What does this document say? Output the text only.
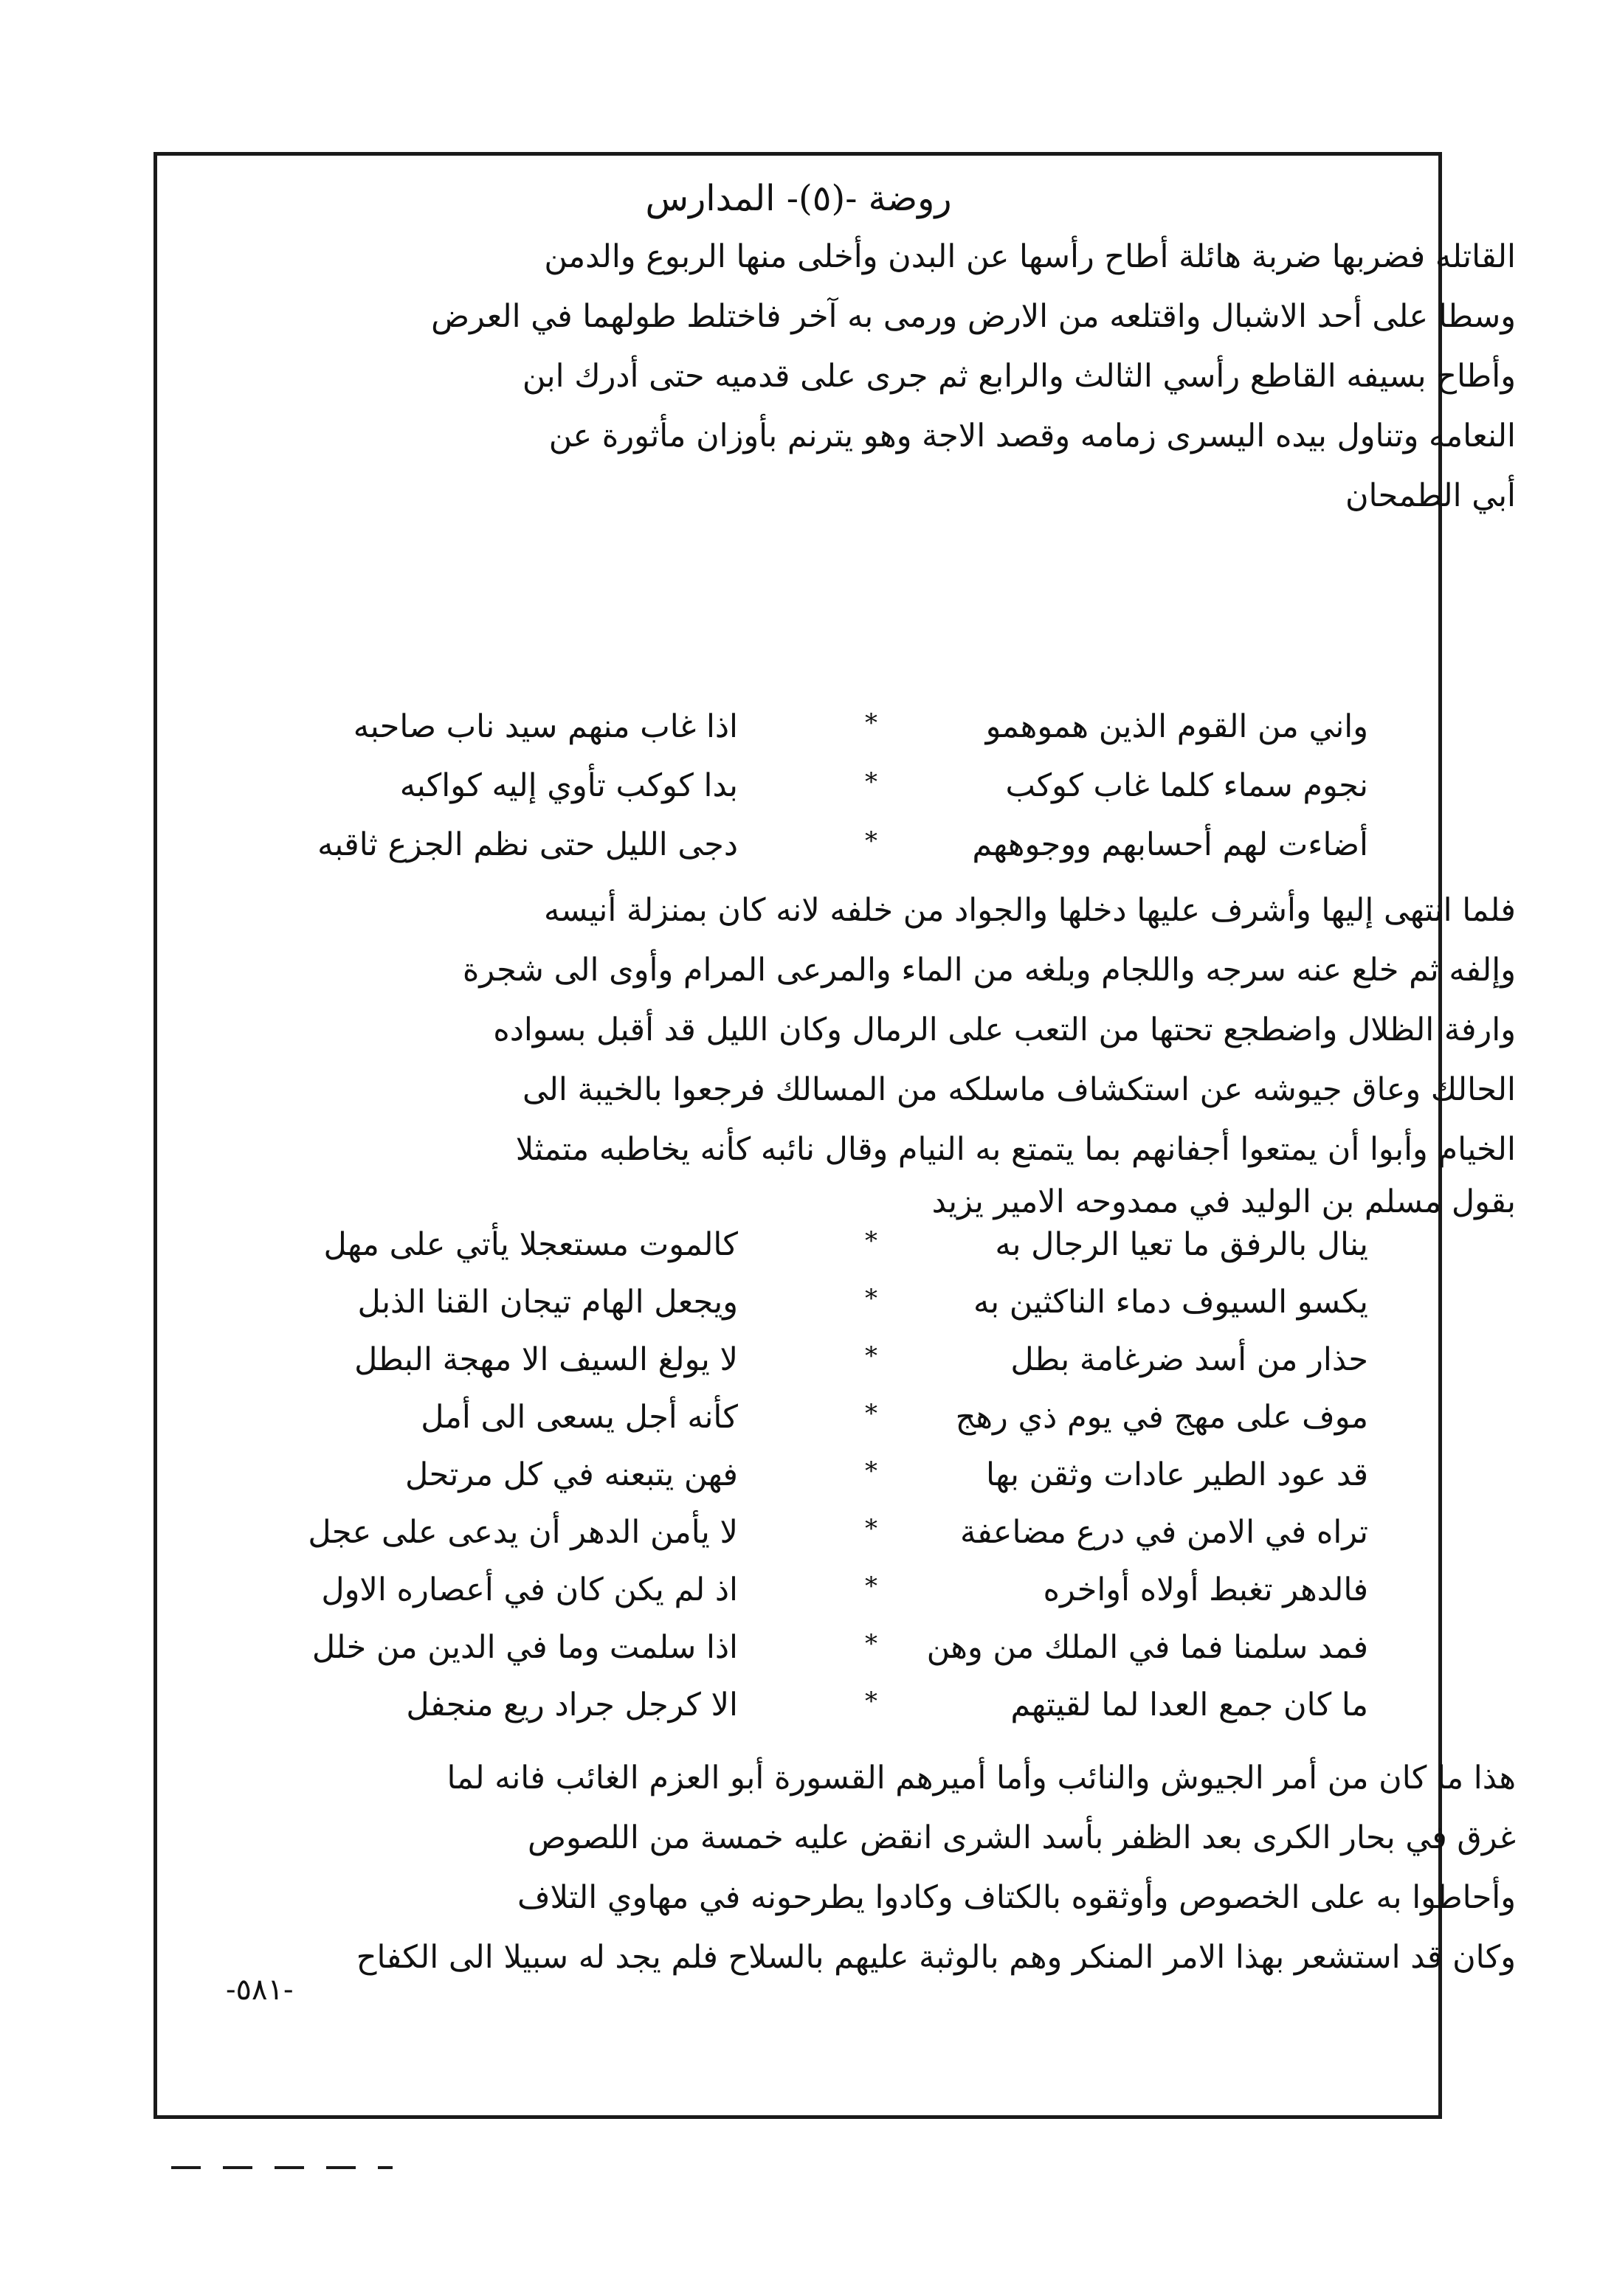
روضة -(٥)- المدارس
القاتله فضربها ضربة هائلة أطاح رأسها عن البدن وأخلى منها الربوع والدمن
وسطا على أحد الاشبال واقتلعه من الارض ورمى به آخر فاختلط طولهما في العرض
وأطاح بسيفه القاطع رأسي الثالث والرابع ثم جرى على قدميه حتى أدرك ابن
النعامه وتناول بيده اليسرى زمامه وقصد الاجة وهو يترنم بأوزان مأثورة عن
أبي الطمحان
واني من القوم الذين هموهمو
*
اذا غاب منهم سيد ناب صاحبه
نجوم سماء كلما غاب كوكب
*
بدا كوكب تأوي إليه كواكبه
أضاءت لهم أحسابهم ووجوههم
*
دجى الليل حتى نظم الجزع ثاقبه
فلما انتهى إليها وأشرف عليها دخلها والجواد من خلفه لانه كان بمنزلة أنيسه
وإلفه ثم خلع عنه سرجه واللجام وبلغه من الماء والمرعى المرام وأوى الى شجرة
وارفة الظلال واضطجع تحتها من التعب على الرمال وكان الليل قد أقبل بسواده
الحالك وعاق جيوشه عن استكشاف ماسلكه من المسالك فرجعوا بالخيبة الى
الخيام وأبوا أن يمتعوا أجفانهم بما يتمتع به النيام وقال نائبه كأنه يخاطبه متمثلا
بقول مسلم بن الوليد في ممدوحه الامير يزيد
ينال بالرفق ما تعيا الرجال به
*
كالموت مستعجلا يأتي على مهل
يكسو السيوف دماء الناكثين به
*
ويجعل الهام تيجان القنا الذبل
حذار من أسد ضرغامة بطل
*
لا يولغ السيف الا مهجة البطل
موف على مهج في يوم ذي رهج
*
كأنه أجل يسعى الى أمل
قد عود الطير عادات وثقن بها
*
فهن يتبعنه في كل مرتحل
تراه في الامن في درع مضاعفة
*
لا يأمن الدهر أن يدعى على عجل
فالدهر تغبط أولاه أواخره
*
اذ لم يكن كان في أعصاره الاول
فمد سلمنا فما في الملك من وهن
*
اذا سلمت وما في الدين من خلل
ما كان جمع العدا لما لقيتهم
*
الا كرجل جراد ريع منجفل
هذا ما كان من أمر الجيوش والنائب وأما أميرهم القسورة أبو العزم الغائب فانه لما
غرق في بحار الكرى بعد الظفر بأسد الشرى انقض عليه خمسة من اللصوص
وأحاطوا به على الخصوص وأوثقوه بالكتاف وكادوا يطرحونه في مهاوي التلاف
وكان قد استشعر بهذا الامر المنكر وهم بالوثبة عليهم بالسلاح فلم يجد له سبيلا الى الكفاح
-٥٨١-
